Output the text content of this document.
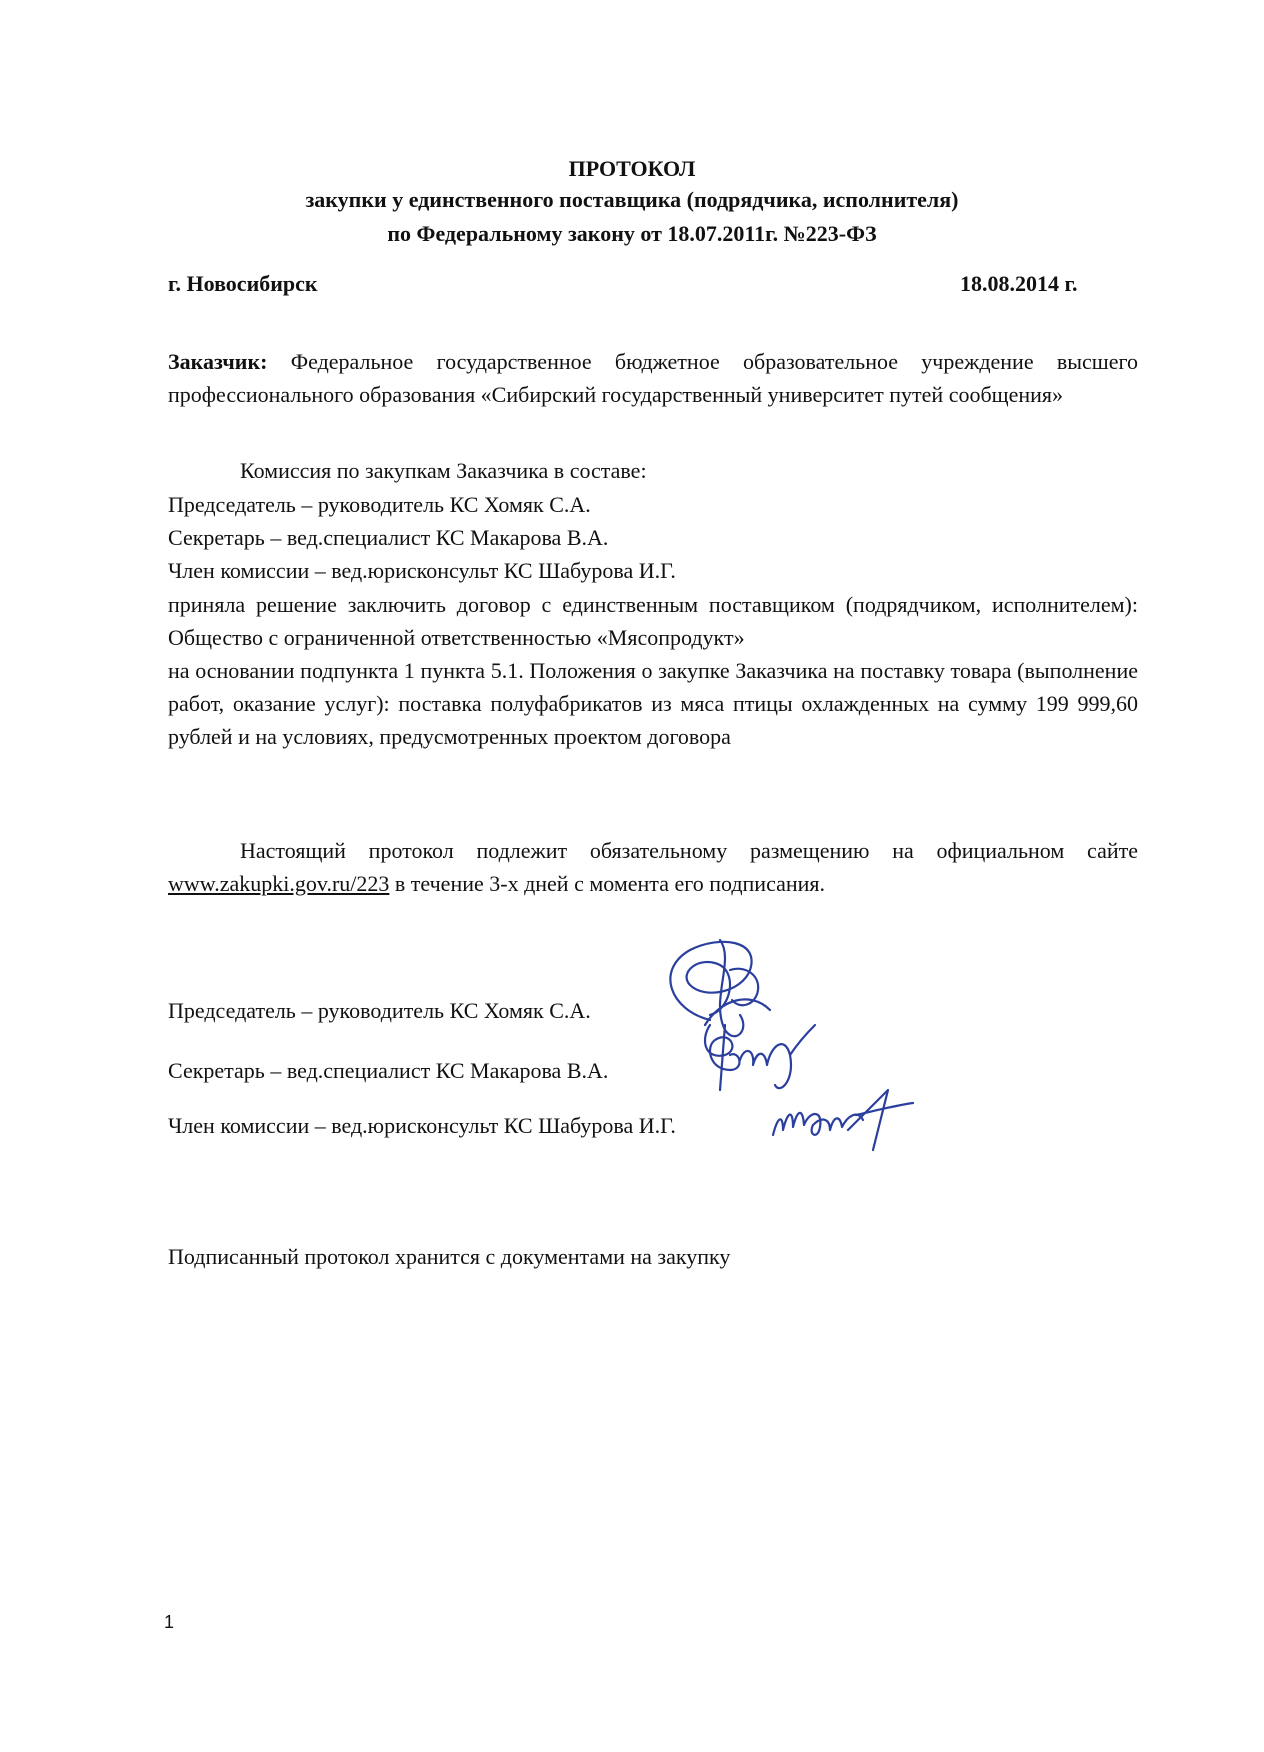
ПРОТОКОЛ
закупки у единственного поставщика (подрядчика, исполнителя)
по Федеральному закону от 18.07.2011г. №223-ФЗ
г. Новосибирск	18.08.2014 г.
Заказчик: Федеральное государственное бюджетное образовательное учреждение высшего профессионального образования «Сибирский государственный университет путей сообщения»
Комиссия по закупкам Заказчика в составе:
Председатель – руководитель КС Хомяк С.А.
Секретарь – вед.специалист КС Макарова В.А.
Член комиссии – вед.юрисконсульт КС Шабурова И.Г.
приняла решение заключить договор с единственным поставщиком (подрядчиком, исполнителем): Общество с ограниченной ответственностью «Мясопродукт»
на основании подпункта 1 пункта 5.1. Положения о закупке Заказчика на поставку товара (выполнение работ, оказание услуг): поставка полуфабрикатов из мяса птицы охлажденных на сумму 199 999,60 рублей и на условиях, предусмотренных проектом договора
Настоящий протокол подлежит обязательному размещению на официальном сайте www.zakupki.gov.ru/223 в течение 3-х дней с момента его подписания.
Председатель – руководитель КС Хомяк С.А.
Секретарь – вед.специалист КС Макарова В.А.
Член комиссии – вед.юрисконсульт КС Шабурова И.Г.
Подписанный протокол хранится с документами на закупку
1
